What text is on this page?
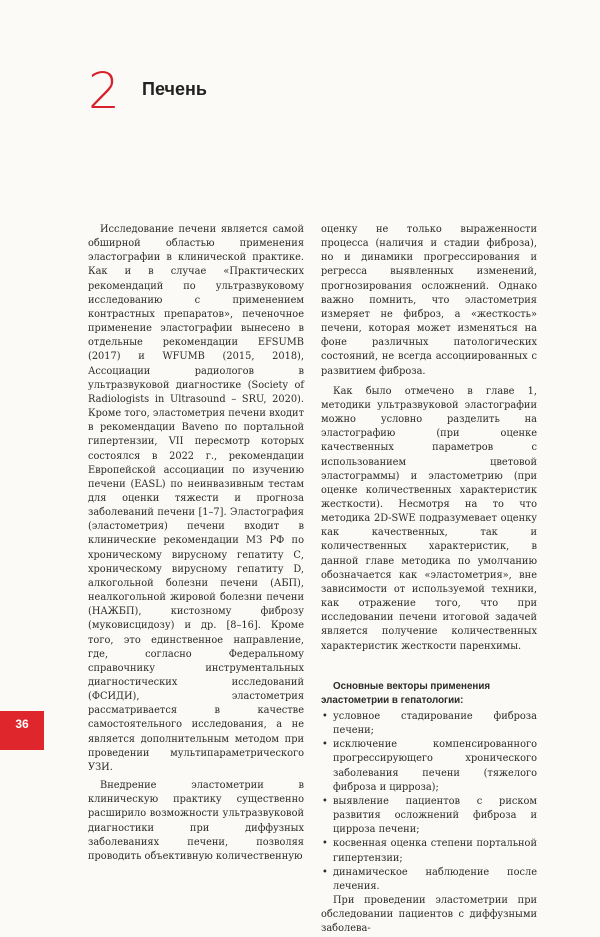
2 Печень

Исследование печени является самой обширной областью применения эластографии в клинической практике. Как и в случае «Практических рекомендаций по ультразвуковому исследованию с применением контрастных препаратов», печеночное применение эластографии вынесено в отдельные рекомендации EFSUMB (2017) и WFUMB (2015, 2018), Ассоциации радиологов в ультразвуковой диагностике (Society of Radiologists in Ultrasound – SRU, 2020). Кроме того, эластометрия печени входит в рекомендации Baveno по портальной гипертензии, VII пересмотр которых состоялся в 2022 г., рекомендации Европейской ассоциации по изучению печени (EASL) по неинвазивным тестам для оценки тяжести и прогноза заболеваний печени [1–7]. Эластография (эластометрия) печени входит в клинические рекомендации МЗ РФ по хроническому вирусному гепатиту С, хроническому вирусному гепатиту D, алкогольной болезни печени (АБП), неалкогольной жировой болезни печени (НАЖБП), кистозному фиброзу (муковисцидозу) и др. [8–16]. Кроме того, это единственное направление, где, согласно Федеральному справочнику инструментальных диагностических исследований (ФСИДИ), эластометрия рассматривается в качестве самостоятельного исследования, а не является дополнительным методом при проведении мультипараметрического УЗИ.

Внедрение эластометрии в клиническую практику существенно расширило возможности ультразвуковой диагностики при диффузных заболеваниях печени, позволяя проводить объективную количественную

оценку не только выраженности процесса (наличия и стадии фиброза), но и динамики прогрессирования и регресса выявленных изменений, прогнозирования осложнений. Однако важно помнить, что эластометрия измеряет не фиброз, а «жесткость» печени, которая может изменяться на фоне различных патологических состояний, не всегда ассоциированных с развитием фиброза.

Как было отмечено в главе 1, методики ультразвуковой эластографии можно условно разделить на эластографию (при оценке качественных параметров с использованием цветовой эластограммы) и эластометрию (при оценке количественных характеристик жесткости). Несмотря на то что методика 2D-SWE подразумевает оценку как качественных, так и количественных характеристик, в данной главе методика по умолчанию обозначается как «эластометрия», вне зависимости от используемой техники, как отражение того, что при исследовании печени итоговой задачей является получение количественных характеристик жесткости паренхимы.

Основные векторы применения эластометрии в гепатологии:

• условное стадирование фиброза печени;
• исключение компенсированного прогрессирующего хронического заболевания печени (тяжелого фиброза и цирроза);
• выявление пациентов с риском развития осложнений фиброза и цирроза печени;
• косвенная оценка степени портальной гипертензии;
• динамическое наблюдение после лечения.

При проведении эластометрии при обследовании пациентов с диффузными заболева-

36
